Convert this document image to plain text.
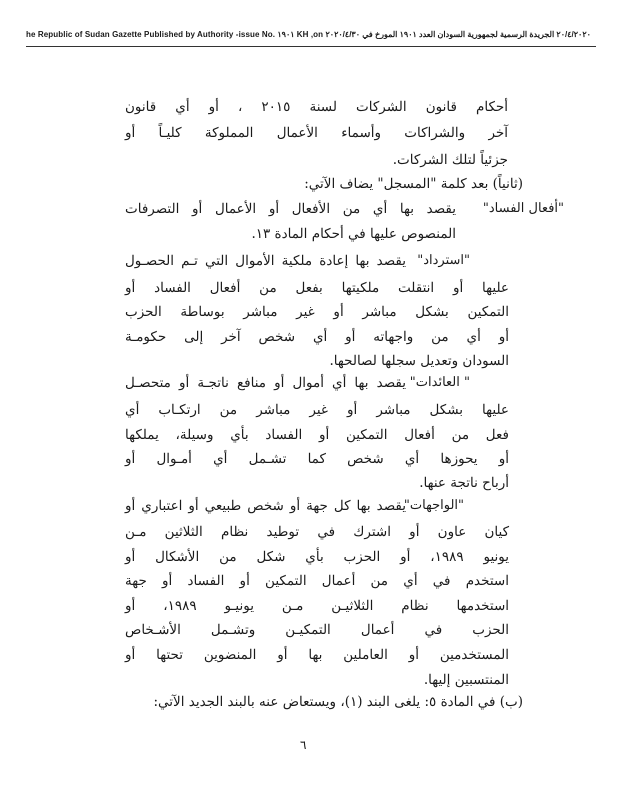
he Republic of Sudan Gazette Published by Authority -issue No. ١٩٠١ KH ,on ٢٠/٤/٢٠٢٠ الجريدة الرسمية لجمهورية السودان العدد ١٩٠١ المورخ في ٢٠٢٠/٤/٣٠
أحكام قانون الشركات لسنة ٢٠١٥ ، أو أي قانون
آخر والشراكات وأسماء الأعمال المملوكة كليـاً أو
جزئياً لتلك الشركات.
(ثانياً) بعد كلمة "المسجل" يضاف الآتي:
"أفعال الفساد"
يقصد بها أي من الأفعال أو الأعمال أو التصرفات
المنصوص عليها في أحكام المادة ١٣.
"استرداد"
يقصد بها إعادة ملكية الأموال التي تـم الحصـول
عليها أو انتقلت ملكيتها بفعل من أفعال الفساد أو
التمكين بشكل مباشر أو غير مباشر بوساطة الحزب
أو أي من واجهاته أو أي شخص آخر إلى حكومـة
السودان وتعديل سجلها لصالحها.
" العائدات"
يقصد بها أي أموال أو منافع ناتجـة أو متحصـل
عليها بشكل مباشر أو غير مباشر من ارتكـاب أي
فعل من أفعال التمكين أو الفساد بأي وسيلة، يملكها
أو يحوزها أي شخص كما تشـمل أي أمـوال أو
أرباح ناتجة عنها.
"الواجهات"
يقصد بها كل جهة أو شخص طبيعي أو اعتباري أو
كيان عاون أو اشترك في توطيد نظام الثلاثين مـن
يونيو ١٩٨٩، أو الحزب بأي شكل من الأشكال أو
استخدم في أي من أعمال التمكين أو الفساد أو جهة
استخدمها نظام الثلاثيـن مـن يونيـو ١٩٨٩، أو
الحزب في أعمال التمكيـن وتشـمل الأشـخاص
المستخدمين أو العاملين بها أو المنضوين تحتها أو
المنتسبين إليها.
(ب) في المادة ٥: يلغى البند (١)، ويستعاض عنه بالبند الجديد الآتي:
٦
